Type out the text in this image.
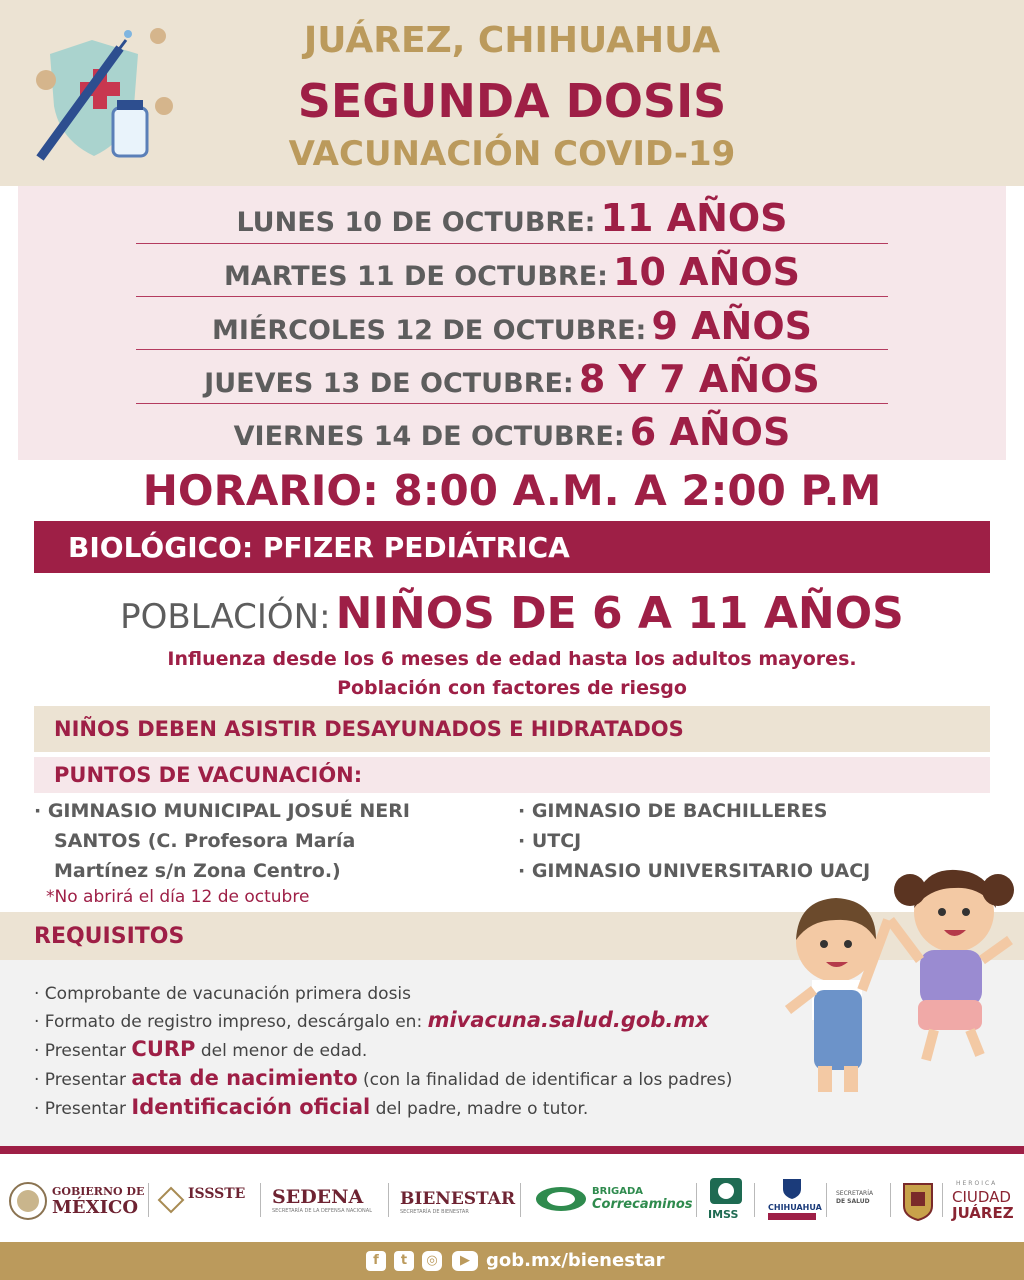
JUÁREZ, CHIHUAHUA
SEGUNDA DOSIS
VACUNACIÓN COVID-19
LUNES 10 DE OCTUBRE: 11 AÑOS
MARTES 11 DE OCTUBRE: 10 AÑOS
MIÉRCOLES 12 DE OCTUBRE: 9 AÑOS
JUEVES 13 DE OCTUBRE: 8 Y 7 AÑOS
VIERNES 14 DE OCTUBRE: 6 AÑOS
HORARIO: 8:00 A.M. A 2:00 P.M
BIOLÓGICO: PFIZER PEDIÁTRICA
POBLACIÓN: NIÑOS DE 6 A 11 AÑOS
Influenza desde los 6 meses de edad hasta los adultos mayores.
Población con factores de riesgo
NIÑOS DEBEN ASISTIR DESAYUNADOS E HIDRATADOS
PUNTOS DE VACUNACIÓN:
· GIMNASIO MUNICIPAL JOSUÉ NERI
SANTOS (C. Profesora María
Martínez s/n Zona Centro.)
*No abrirá el día 12 de octubre
· GIMNASIO DE BACHILLERES
· UTCJ
· GIMNASIO UNIVERSITARIO UACJ
REQUISITOS
· Comprobante de vacunación primera dosis
· Formato de registro impreso, descárgalo en: mivacuna.salud.gob.mx
· Presentar CURP del menor de edad.
· Presentar acta de nacimiento (con la finalidad de identificar a los padres)
· Presentar Identificación oficial del padre, madre o tutor.
GOBIERNO DE
MÉXICO
ISSSTE SEDENA
SECRETARÍA DE LA DEFENSA NACIONAL
BIENESTAR
SECRETARÍA DE BIENESTAR
BRIGADA
Correcaminos
IMSS
CHIHUAHUA
SECRETARÍA
DE SALUD
HEROICA
CIUDAD
JUÁREZ
f	t	◎	▶ gob.mx/bienestar
